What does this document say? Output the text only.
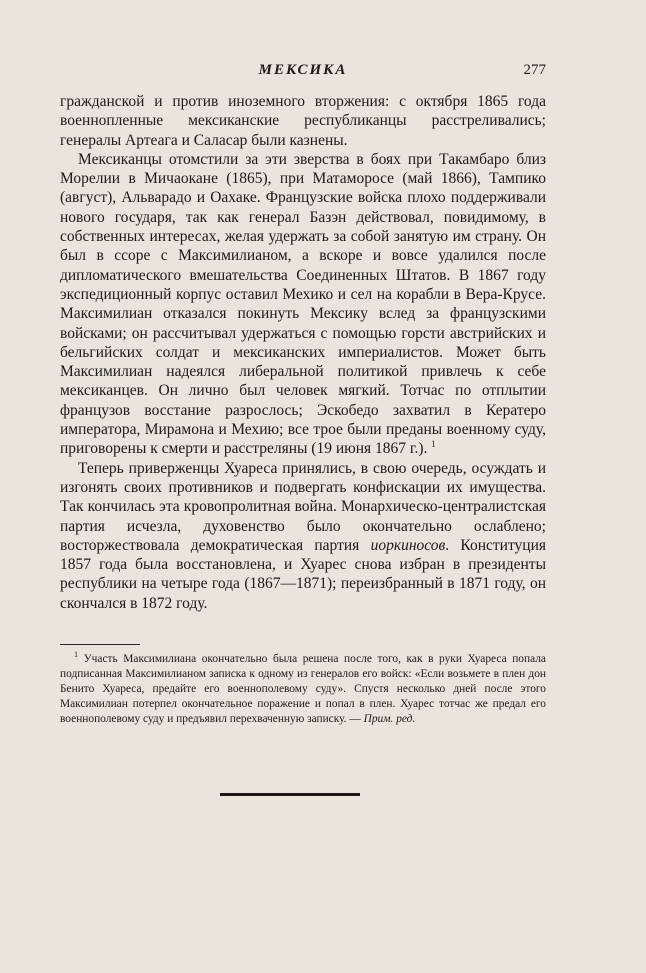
МЕКСИКА	277

гражданской и против иноземного вторжения: с октября 1865 года военнопленные мексиканские республиканцы расстреливались; генералы Артеага и Саласар были казнены.

Мексиканцы отомстили за эти зверства в боях при Такамбаро близ Морелии в Мичаокане (1865), при Матаморосе (май 1866), Тампико (август), Альварадо и Оахаке. Французские войска плохо поддерживали нового государя, так как генерал Базэн действовал, повидимому, в собственных интересах, желая удержать за собой занятую им страну. Он был в ссоре с Максимилианом, а вскоре и вовсе удалился после дипломатического вмешательства Соединенных Штатов. В 1867 году экспедиционный корпус оставил Мехико и сел на корабли в Вера-Крусе. Максимилиан отказался покинуть Мексику вслед за французскими войсками; он рассчитывал удержаться с помощью горсти австрийских и бельгийских солдат и мексиканских империалистов. Может быть Максимилиан надеялся либеральной политикой привлечь к себе мексиканцев. Он лично был человек мягкий. Тотчас по отплытии французов восстание разрослось; Эскобедо захватил в Кератеро императора, Мирамона и Мехию; все трое были преданы военному суду, приговорены к смерти и расстреляны (19 июня 1867 г.). $^1$

Теперь приверженцы Хуареса принялись, в свою очередь, осуждать и изгонять своих противников и подвергать конфискации их имущества. Так кончилась эта кровопролитная война. Монархическо-централистская партия исчезла, духовенство было окончательно ослаблено; восторжествовала демократическая партия иоркиносов. Конституция 1857 года была восстановлена, и Хуарес снова избран в президенты республики на четыре года (1867—1871); переизбранный в 1871 году, он скончался в 1872 году.

$^1$ Участь Максимилиана окончательно была решена после того, как в руки Хуареса попала подписанная Максимилианом записка к одному из генералов его войск: «Если возьмете в плен дон Бенито Хуареса, предайте его военнополевому суду». Спустя несколько дней после этого Максимилиан потерпел окончательное поражение и попал в плен. Хуарес тотчас же предал его военнополевому суду и предъявил перехваченную записку. — Прим. ред.
